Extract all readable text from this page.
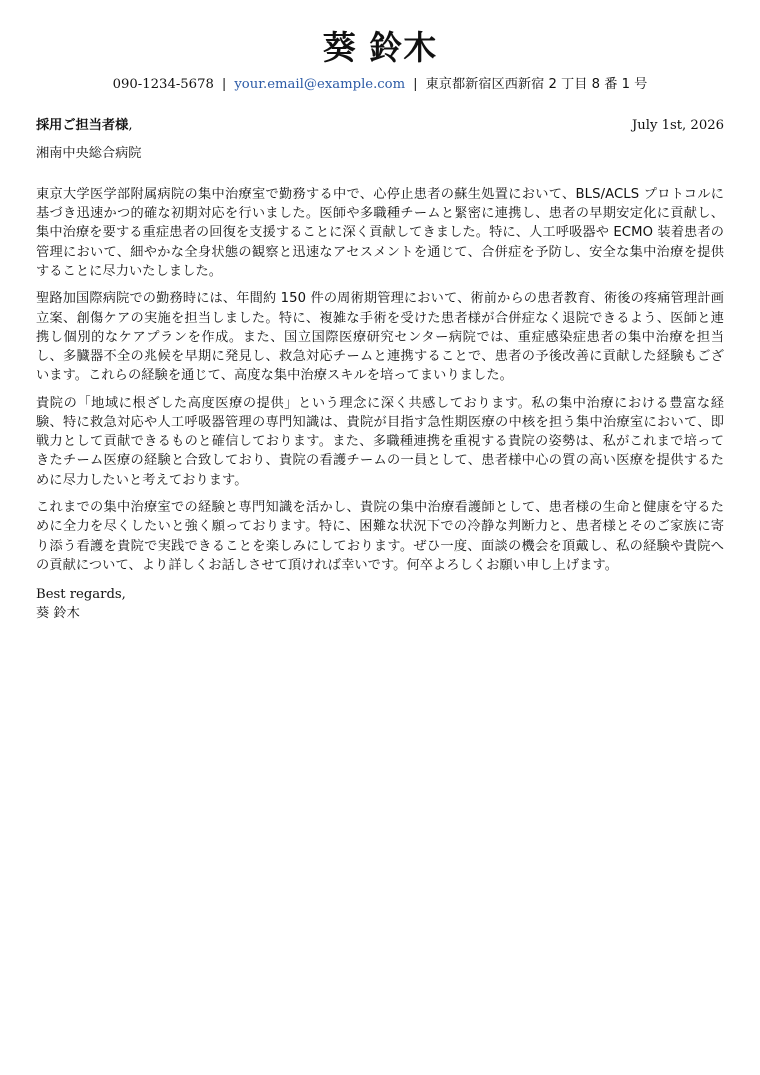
葵 鈴木
090-1234-5678 | your.email@example.com | 東京都新宿区西新宿 2 丁目 8 番 1 号
採用ご担当者様,	July 1st, 2026
湘南中央総合病院

東京大学医学部附属病院の集中治療室で勤務する中で、心停止患者の蘇生処置において、BLS/ACLS プロトコルに基づき迅速かつ的確な初期対応を行いました。医師や多職種チームと緊密に連携し、患者の早期安定化に貢献し、集中治療を要する重症患者の回復を支援することに深く貢献してきました。特に、人工呼吸器や ECMO 装着患者の管理において、細やかな全身状態の観察と迅速なアセスメントを通じて、合併症を予防し、安全な集中治療を提供することに尽力いたしました。

聖路加国際病院での勤務時には、年間約 150 件の周術期管理において、術前からの患者教育、術後の疼痛管理計画立案、創傷ケアの実施を担当しました。特に、複雑な手術を受けた患者様が合併症なく退院できるよう、医師と連携し個別的なケアプランを作成。また、国立国際医療研究センター病院では、重症感染症患者の集中治療を担当し、多臓器不全の兆候を早期に発見し、救急対応チームと連携することで、患者の予後改善に貢献した経験もございます。これらの経験を通じて、高度な集中治療スキルを培ってまいりました。

貴院の「地域に根ざした高度医療の提供」という理念に深く共感しております。私の集中治療における豊富な経験、特に救急対応や人工呼吸器管理の専門知識は、貴院が目指す急性期医療の中核を担う集中治療室において、即戦力として貢献できるものと確信しております。また、多職種連携を重視する貴院の姿勢は、私がこれまで培ってきたチーム医療の経験と合致しており、貴院の看護チームの一員として、患者様中心の質の高い医療を提供するために尽力したいと考えております。

これまでの集中治療室での経験と専門知識を活かし、貴院の集中治療看護師として、患者様の生命と健康を守るために全力を尽くしたいと強く願っております。特に、困難な状況下での冷静な判断力と、患者様とそのご家族に寄り添う看護を貴院で実践できることを楽しみにしております。ぜひ一度、面談の機会を頂戴し、私の経験や貴院への貢献について、より詳しくお話しさせて頂ければ幸いです。何卒よろしくお願い申し上げます。

Best regards,
葵 鈴木
